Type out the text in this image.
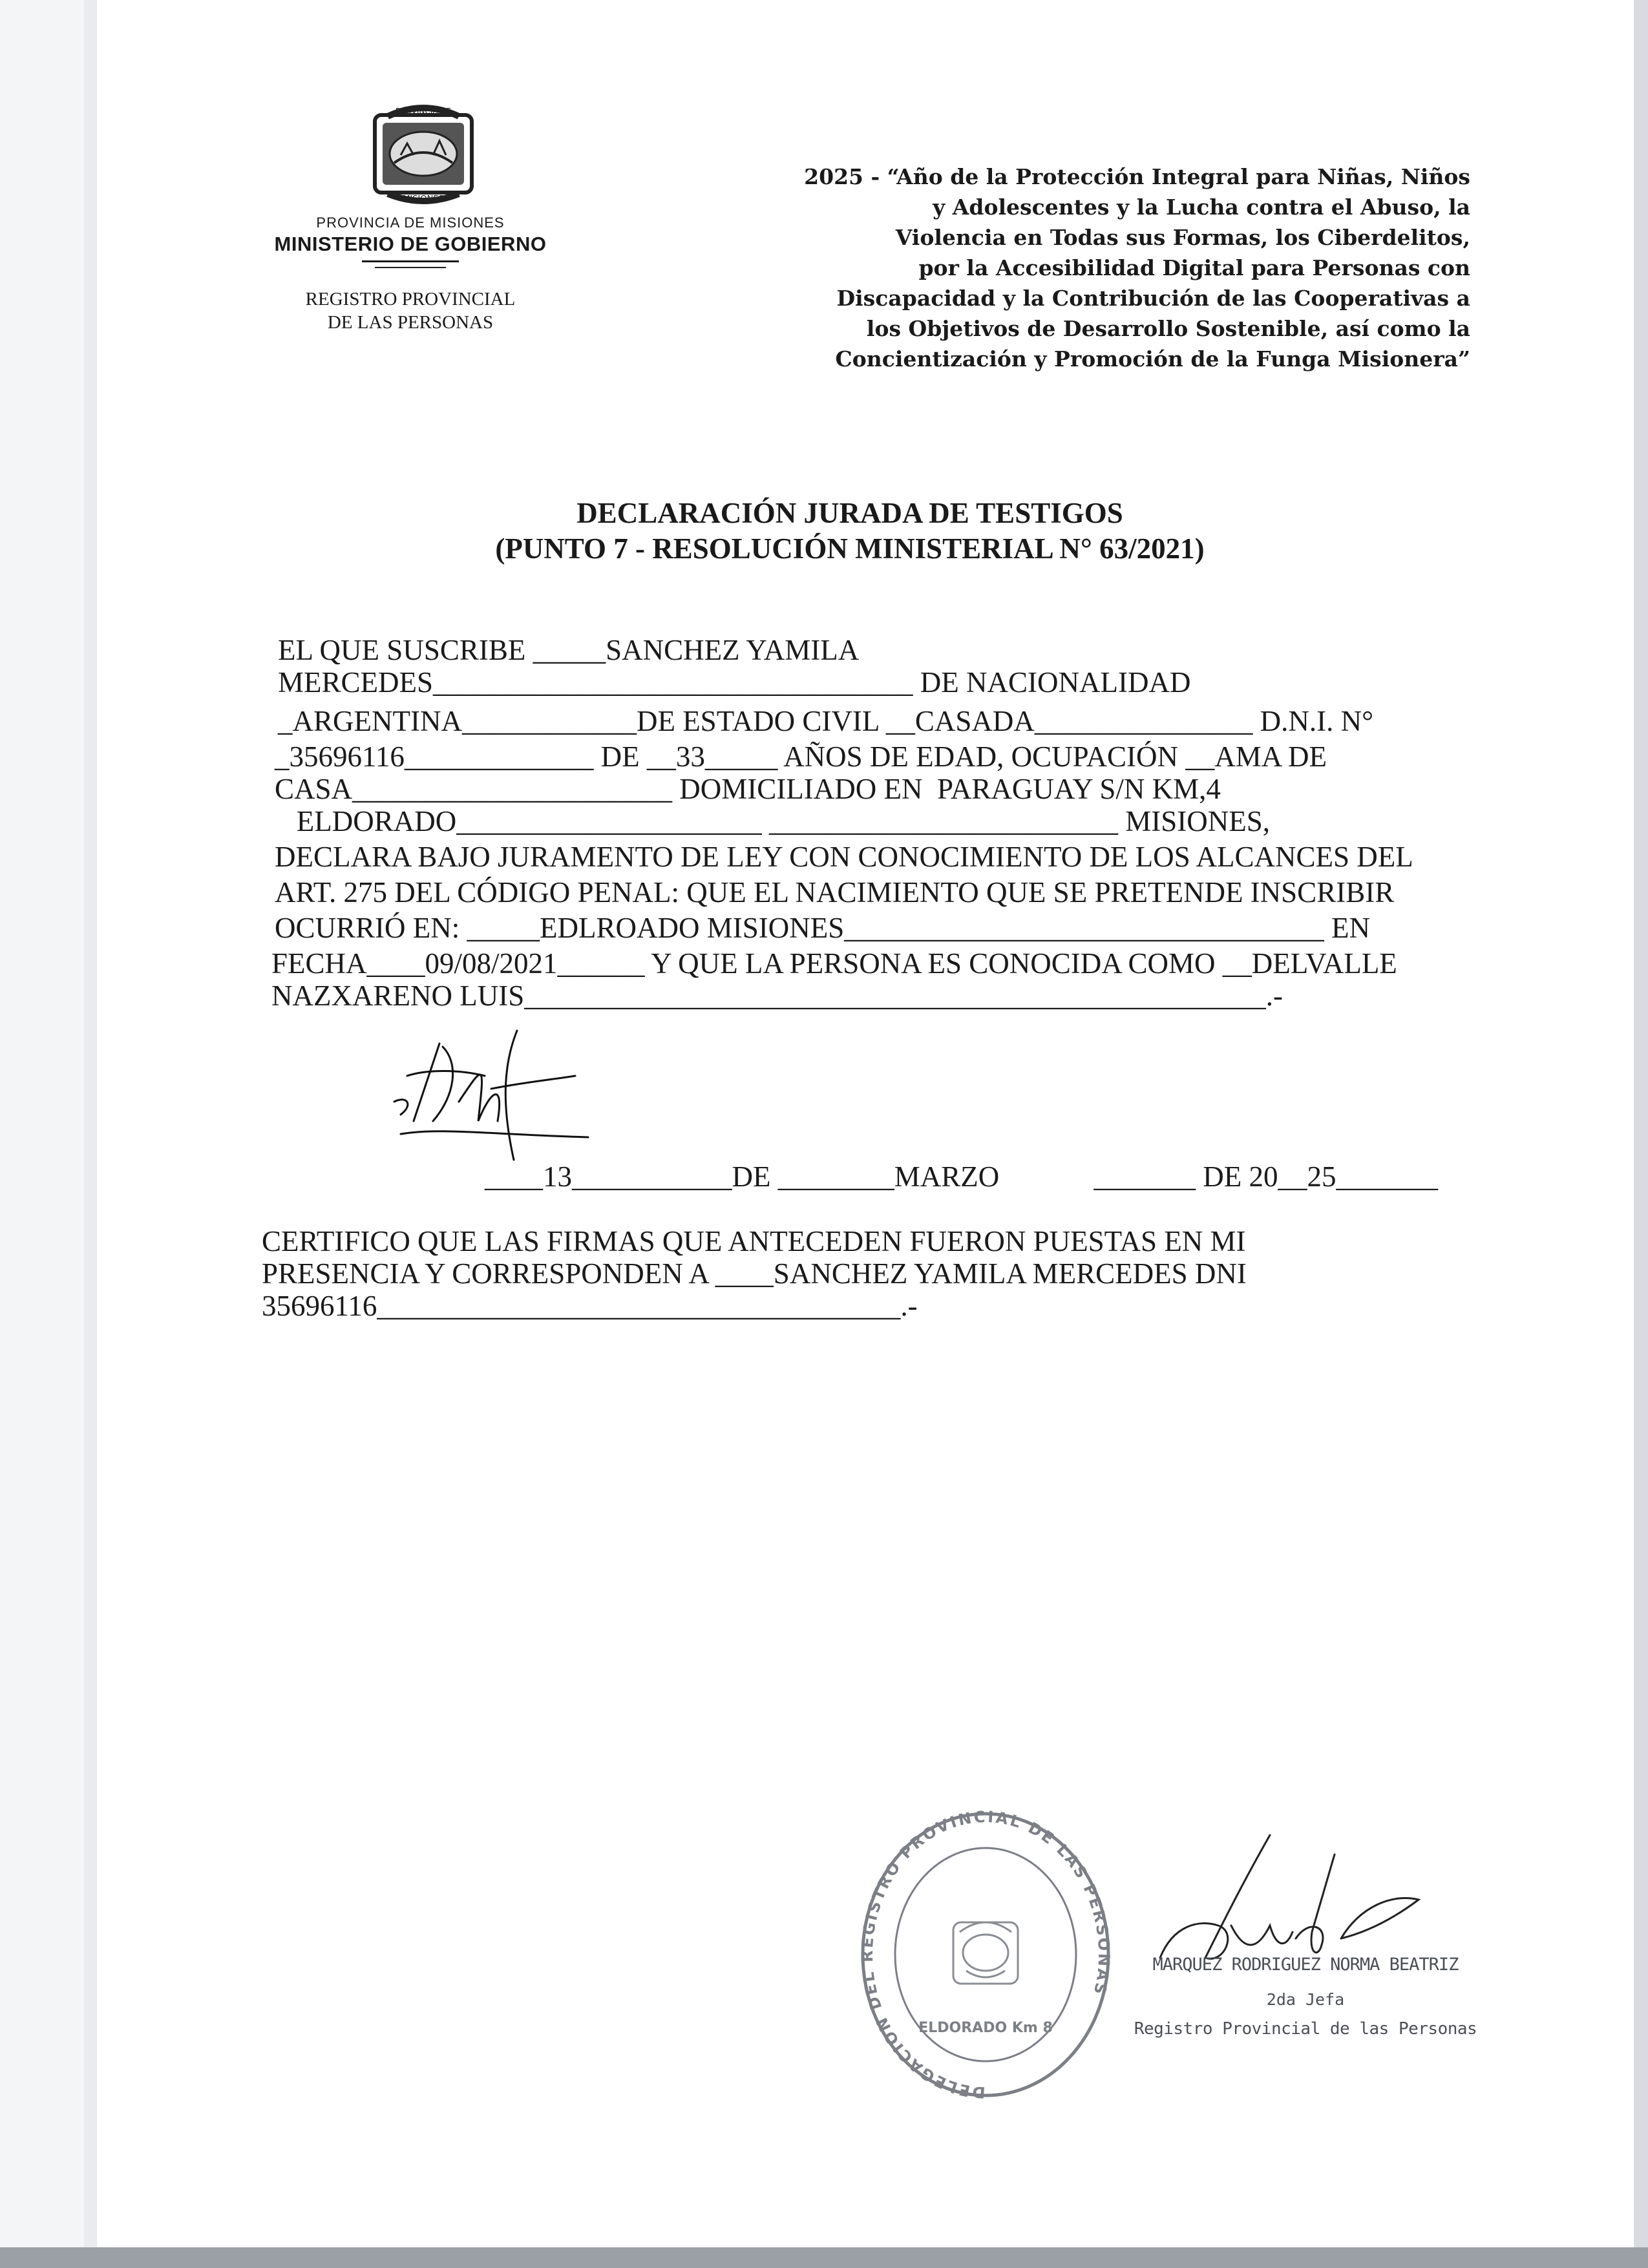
PROVINCIA DE
MISIONES
PROVINCIA DE MISIONES
MINISTERIO DE GOBIERNO
REGISTRO PROVINCIAL
DE LAS PERSONAS
2025 - “Año de la Protección Integral para Niñas, Niños
y Adolescentes y la Lucha contra el Abuso, la
Violencia en Todas sus Formas, los Ciberdelitos,
por la Accesibilidad Digital para Personas con
Discapacidad y la Contribución de las Cooperativas a
los Objetivos de Desarrollo Sostenible, así como la
Concientización y Promoción de la Funga Misionera”
DECLARACIÓN JURADA DE TESTIGOS
(PUNTO 7 - RESOLUCIÓN MINISTERIAL N° 63/2021)
EL QUE SUSCRIBE _____SANCHEZ YAMILA
MERCEDES_________________________________ DE NACIONALIDAD
_ARGENTINA____________DE ESTADO CIVIL __CASADA_______________ D.N.I. N°
_35696116_____________ DE __33_____ AÑOS DE EDAD, OCUPACIÓN __AMA DE
CASA______________________ DOMICILIADO EN  PARAGUAY S/N KM,4
ELDORADO_____________________ ________________________ MISIONES,
DECLARA BAJO JURAMENTO DE LEY CON CONOCIMIENTO DE LOS ALCANCES DEL
ART. 275 DEL CÓDIGO PENAL: QUE EL NACIMIENTO QUE SE PRETENDE INSCRIBIR
OCURRIÓ EN: _____EDLROADO MISIONES_________________________________ EN
FECHA____09/08/2021______ Y QUE LA PERSONA ES CONOCIDA COMO __DELVALLE
NAZXARENO LUIS___________________________________________________.-
____13___________DE ________MARZO             _______ DE 20__25_______
CERTIFICO QUE LAS FIRMAS QUE ANTECEDEN FUERON PUESTAS EN MI
PRESENCIA Y CORRESPONDEN A ____SANCHEZ YAMILA MERCEDES DNI
35696116____________________________________.-
DELEGACION DEL REGISTRO PROVINCIAL DE LAS PERSONAS
ELDORADO Km 8
MARQUEZ RODRIGUEZ NORMA BEATRIZ
2da Jefa
Registro Provincial de las Personas
